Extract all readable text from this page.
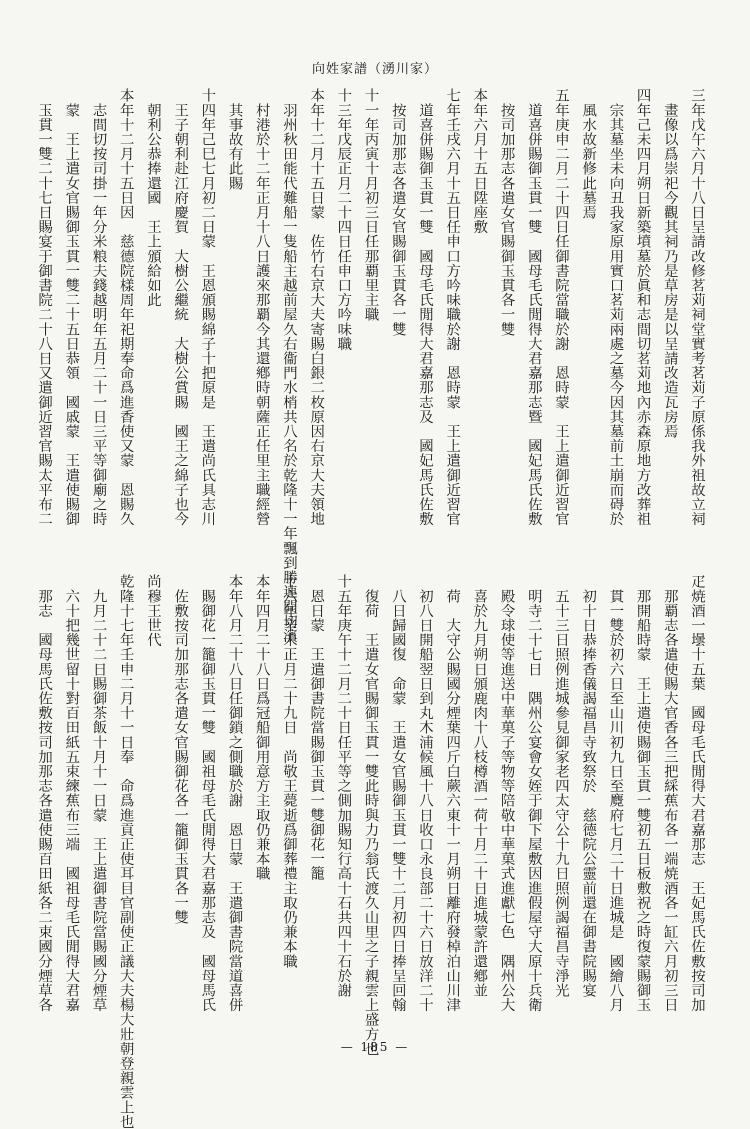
向姓家譜（湧川家）
三年戊午六月十八日呈請改修茗苅祠堂實考茗苅子原係我外祖故立祠
　畫像以爲崇祀今觀其祠乃是草房是以呈請改造瓦房焉
四年己未四月朔日新築墳墓於眞和志間切茗苅地內赤森原地方改葬祖
　宗其墓坐未向丑我家原用實口茗苅兩處之墓今因其墓前土崩而碍於
　風水故新修此墓焉
五年庚申二月二十四日任御書院當職於謝　恩時蒙　王上遣御近習官
　道喜併賜御玉貫一雙　國母毛氏閒得大君嘉那志暨　國妃馬氏佐敷
　按司加那志各遣女官賜御玉貫各一雙
本年六月十五日陞座敷
七年壬戌六月十五日任申口方吟味職於謝　恩時蒙　王上遣御近習官
　道喜併賜御玉貫一雙　國母毛氏閒得大君嘉那志及　國妃馬氏佐敷
　按司加那志各遣女官賜御玉貫各一雙
十一年丙寅十月初三日任那覇里主職
十三年戊辰正月二十四日任申口方吟味職
本年十二月十五日蒙　佐竹右京大夫寄賜白銀二枚原因右京大夫領地
　羽州秋田能代難船一隻船主越前屋久右衞門水梢共八名於乾隆十一年飄到勝連間切濱
　村港於十二年正月十八日護來那覇今其還鄕時朝薩正任里主職經營
　其事故有此賜
十四年己巳七月初二日蒙　王恩頒賜綿子十把原是　王遣尚氏具志川
　王子朝利赴江府慶賀　大樹公繼統　大樹公賞賜　國王之綿子也今
　朝利公恭捧還國　王上頒給如此
本年十二月十五日因　慈德院樣周年祀期奉命爲進香使又蒙　恩賜久
　志間切按司掛一年分米粮夫錢越明年五月二十一日三平等御廟之時
　蒙　王上遣女官賜御玉貫一雙二十五日恭領　國戚蒙　王遣使賜御
　玉貫一雙二十七日賜宴于御書院二十八日又遣御近習官賜太平布二
疋焼酒一壜十五葉　國母毛氏閒得大君嘉那志　王妃馬氏佐敷按司加
　那覇志各遣使賜大官香各三把綵蕉布各一端焼酒各一缸六月初三日
　那開船時蒙　王上遣使賜御玉貫一雙初五日板敷祝之時復蒙賜御玉
　貫一雙於初六日至山川初九日至麑府七月二十日進城是　國繪八月
　初十日恭捧香儀謁福昌寺致祭於　慈德院公靈前還在御書院賜宴
　五十三日照例進城參見御家老四太守公十九日照例謁福昌寺淨光
　明寺二十七日　隅州公宴會女姪于御下屋敷因進假屋守大原十兵衛
　殿令球使等進送中華菓子等物等陪敬中華菓式進獻七色　隅州公大
　喜於九月朔日頒鹿肉十八枝樽酒一荷十月二十日進城蒙許還鄕並
　荷　大守公賜國分煙葉四斤白蕨六東十一月朔日離府發棹泊山川津
　初八日開船翌日到丸木浦候風十八日收口永良部二十六日放洋二十
　八日歸國復　命蒙　王遣女官賜御玉貫一雙十二月初四日捧呈回翰
　復荷　王遣女官賜御玉貫一雙此時與力乃翁氏渡久山里之子親雲上盛方也
十五年庚午十二月二十日任平等之側加賜知行高十石共四十石於謝
　恩日蒙　王遣御書院當賜御玉貫一雙御花一籠
十六年辛未正月二十九日　尚敬王薨逝爲御葬禮主取仍兼本職
本年四月二十八日爲冠船御用意方主取仍兼本職
本年八月二十八日任御鎖之側職於謝　恩日蒙　王遣御書院當道喜併
　賜御花一籠御玉貫一雙　國祖母毛氏閒得大君嘉那志及　國母馬氏
　佐敷按司加那志各遣女官賜御花各一籠御玉貫各一雙
尚穆王世代
乾隆十七年壬申二月十一日奉　命爲進貢正使耳目官副使正議大夫楊大壯朝登親雲上也
　九月二十二日賜御茶飯十月十一日蒙　王上遣御書院當賜國分煙草
　六十把幾世留十對百田紙五束練蕉布三端　國祖母毛氏閒得大君嘉
　那志　國母馬氏佐敷按司加那志各遣使賜百田紙各二束國分煙草各
— 185 —
